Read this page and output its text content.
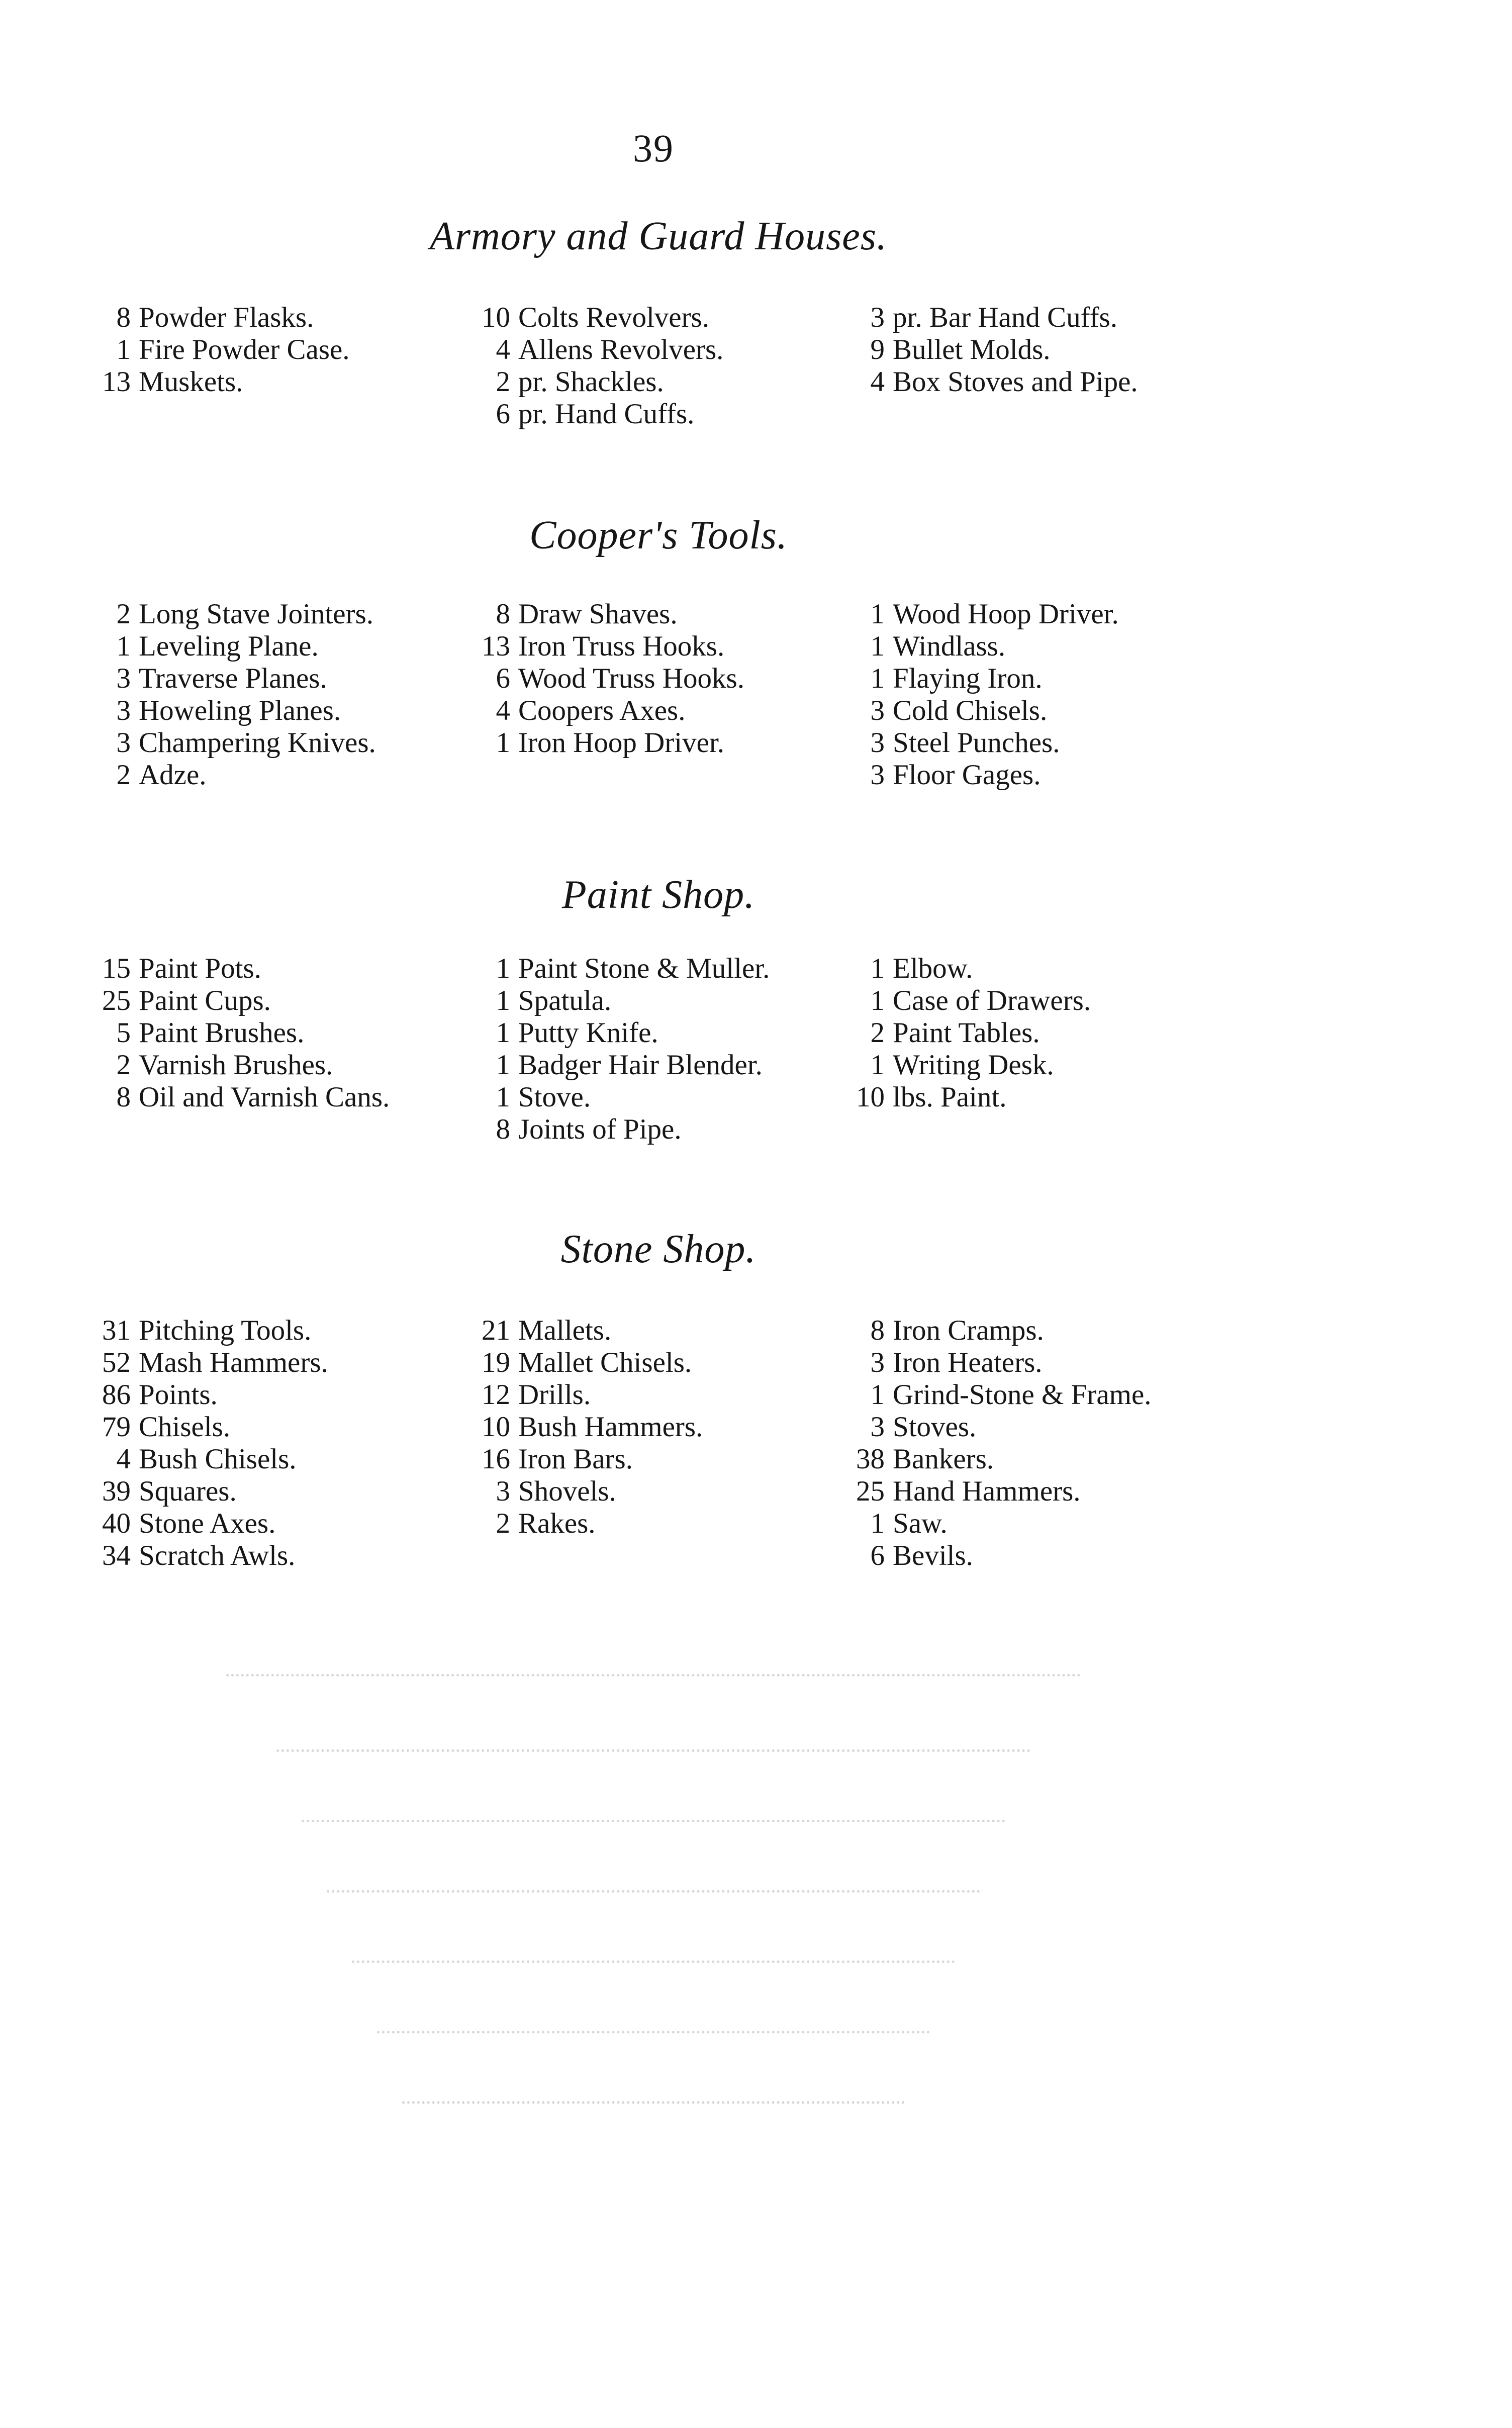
39
Armory and Guard Houses.
8 Powder Flasks.
1 Fire Powder Case.
13 Muskets.
10 Colts Revolvers.
4 Allens Revolvers.
2 pr. Shackles.
6 pr. Hand Cuffs.
3 pr. Bar Hand Cuffs.
9 Bullet Molds.
4 Box Stoves and Pipe.
Cooper's Tools.
2 Long Stave Jointers.
1 Leveling Plane.
3 Traverse Planes.
3 Howeling Planes.
3 Champering Knives.
2 Adze.
8 Draw Shaves.
13 Iron Truss Hooks.
6 Wood Truss Hooks.
4 Coopers Axes.
1 Iron Hoop Driver.
1 Wood Hoop Driver.
1 Windlass.
1 Flaying Iron.
3 Cold Chisels.
3 Steel Punches.
3 Floor Gages.
Paint Shop.
15 Paint Pots.
25 Paint Cups.
5 Paint Brushes.
2 Varnish Brushes.
8 Oil and Varnish Cans.
1 Paint Stone & Muller.
1 Spatula.
1 Putty Knife.
1 Badger Hair Blender.
1 Stove.
8 Joints of Pipe.
1 Elbow.
1 Case of Drawers.
2 Paint Tables.
1 Writing Desk.
10 lbs. Paint.
Stone Shop.
31 Pitching Tools.
52 Mash Hammers.
86 Points.
79 Chisels.
4 Bush Chisels.
39 Squares.
40 Stone Axes.
34 Scratch Awls.
21 Mallets.
19 Mallet Chisels.
12 Drills.
10 Bush Hammers.
16 Iron Bars.
3 Shovels.
2 Rakes.
8 Iron Cramps.
3 Iron Heaters.
1 Grind-Stone & Frame.
3 Stoves.
38 Bankers.
25 Hand Hammers.
1 Saw.
6 Bevils.
